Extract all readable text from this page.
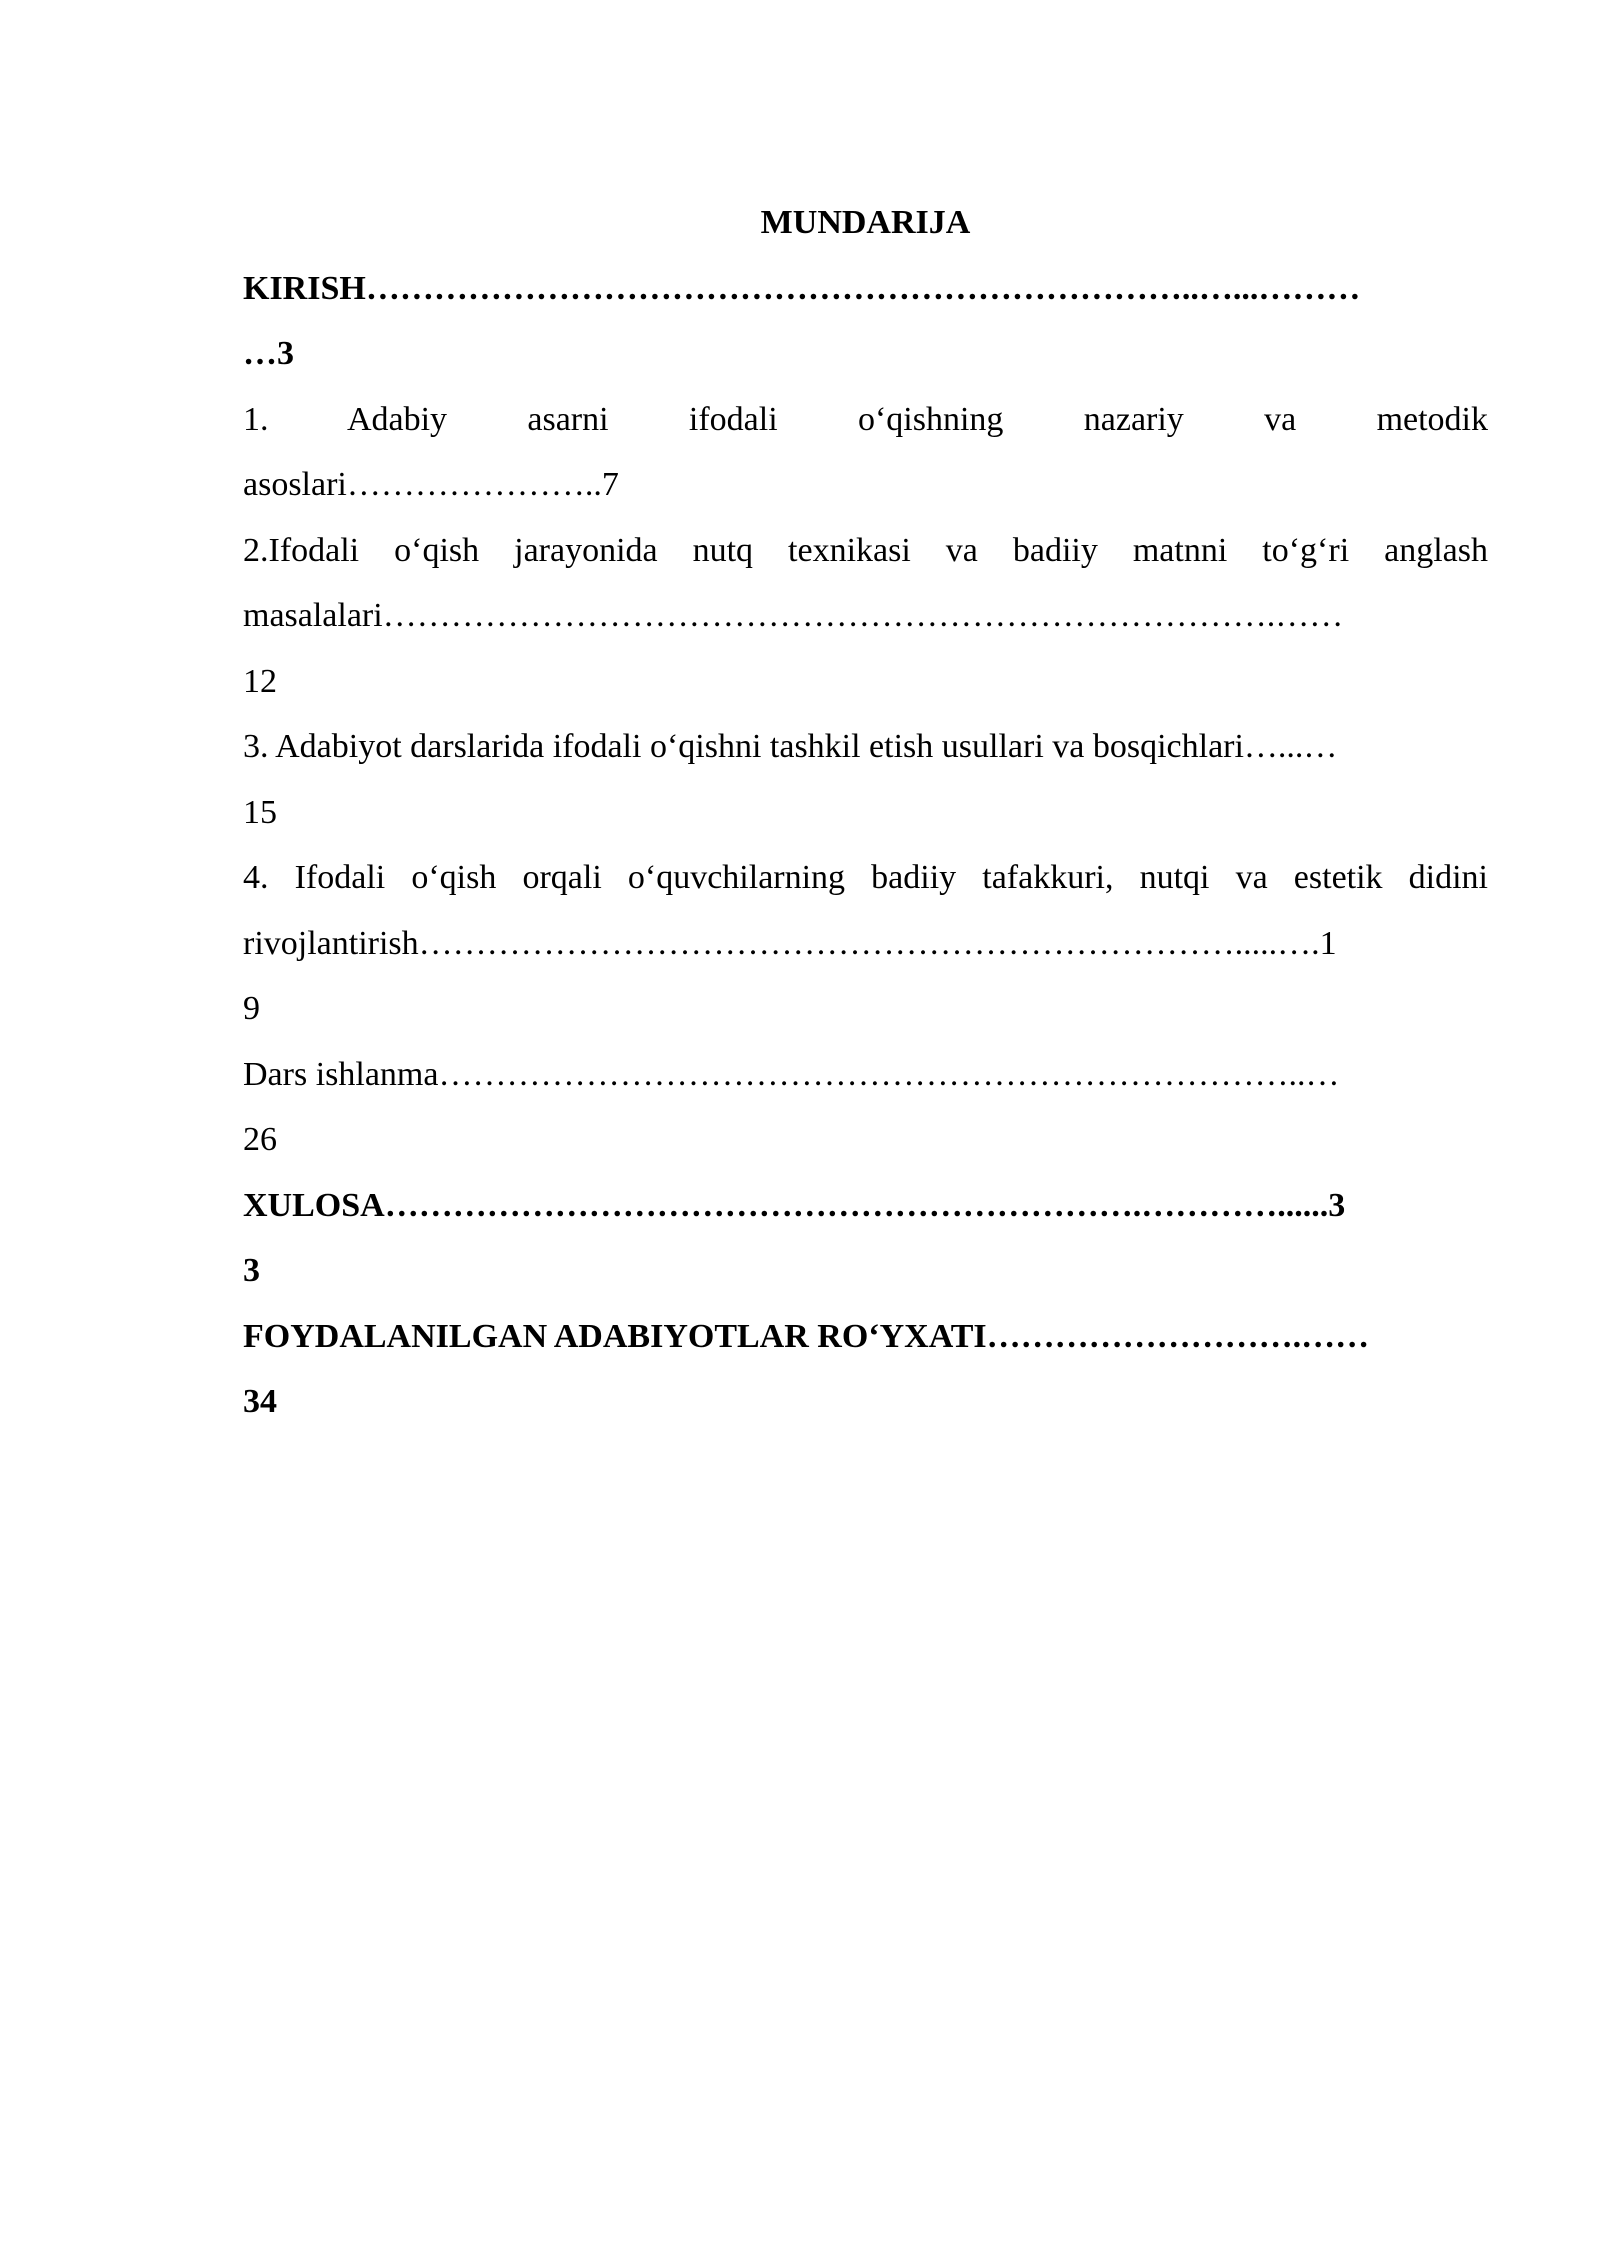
MUNDARIJA

KIRISH………………………………………………………………..…...………

…3

1. Adabiy asarni ifodali o‘qishning nazariy va metodik

asoslari…………………..7

2.Ifodali o‘qish jarayonida nutq texnikasi va badiiy matnni to‘g‘ri anglash

masalalari…………………………………………………………………….……

12

3. Adabiyot darslarida ifodali o‘qishni tashkil etish usullari va bosqichlari…...…

15

4. Ifodali o‘qish orqali o‘quvchilarning badiiy tafakkuri, nutqi va estetik didini

rivojlantirish……………………………………………………………….....….1

9

Dars ishlanma…………………………………………………………………..…

26

XULOSA………………………………………………………….…………......3

3

FOYDALANILGAN ADABIYOTLAR RO‘YXATI……………………….……

34
